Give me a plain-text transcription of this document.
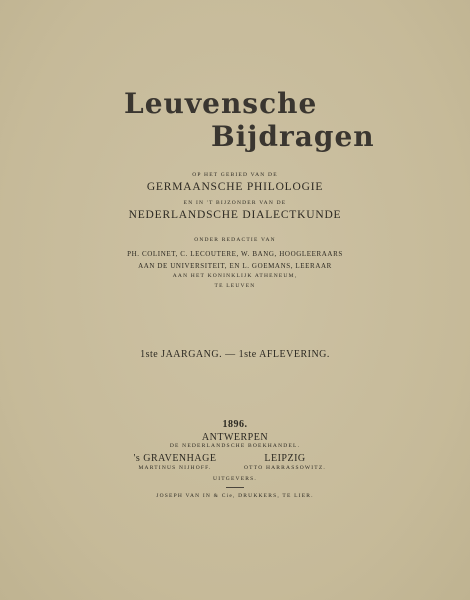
Leuvensche
Bijdragen
OP HET GEBIED VAN DE
GERMAANSCHE PHILOLOGIE
EN IN 'T BIJZONDER VAN DE
NEDERLANDSCHE DIALECTKUNDE
ONDER REDACTIE VAN
PH. COLINET, C. LECOUTERE, W. BANG, HOOGLEERAARS
AAN DE UNIVERSITEIT, EN L. GOEMANS, LEERAAR
AAN HET KONINKLIJK ATHENEUM,
TE LEUVEN
1ste JAARGANG. — 1ste AFLEVERING.
1896.
ANTWERPEN
DE NEDERLANDSCHE BOEKHANDEL.
's GRAVENHAGE
MARTINUS NIJHOFF.
LEIPZIG
OTTO HARRASSOWITZ.
UITGEVERS.
JOSEPH VAN IN & Cie, DRUKKERS, TE LIER.
